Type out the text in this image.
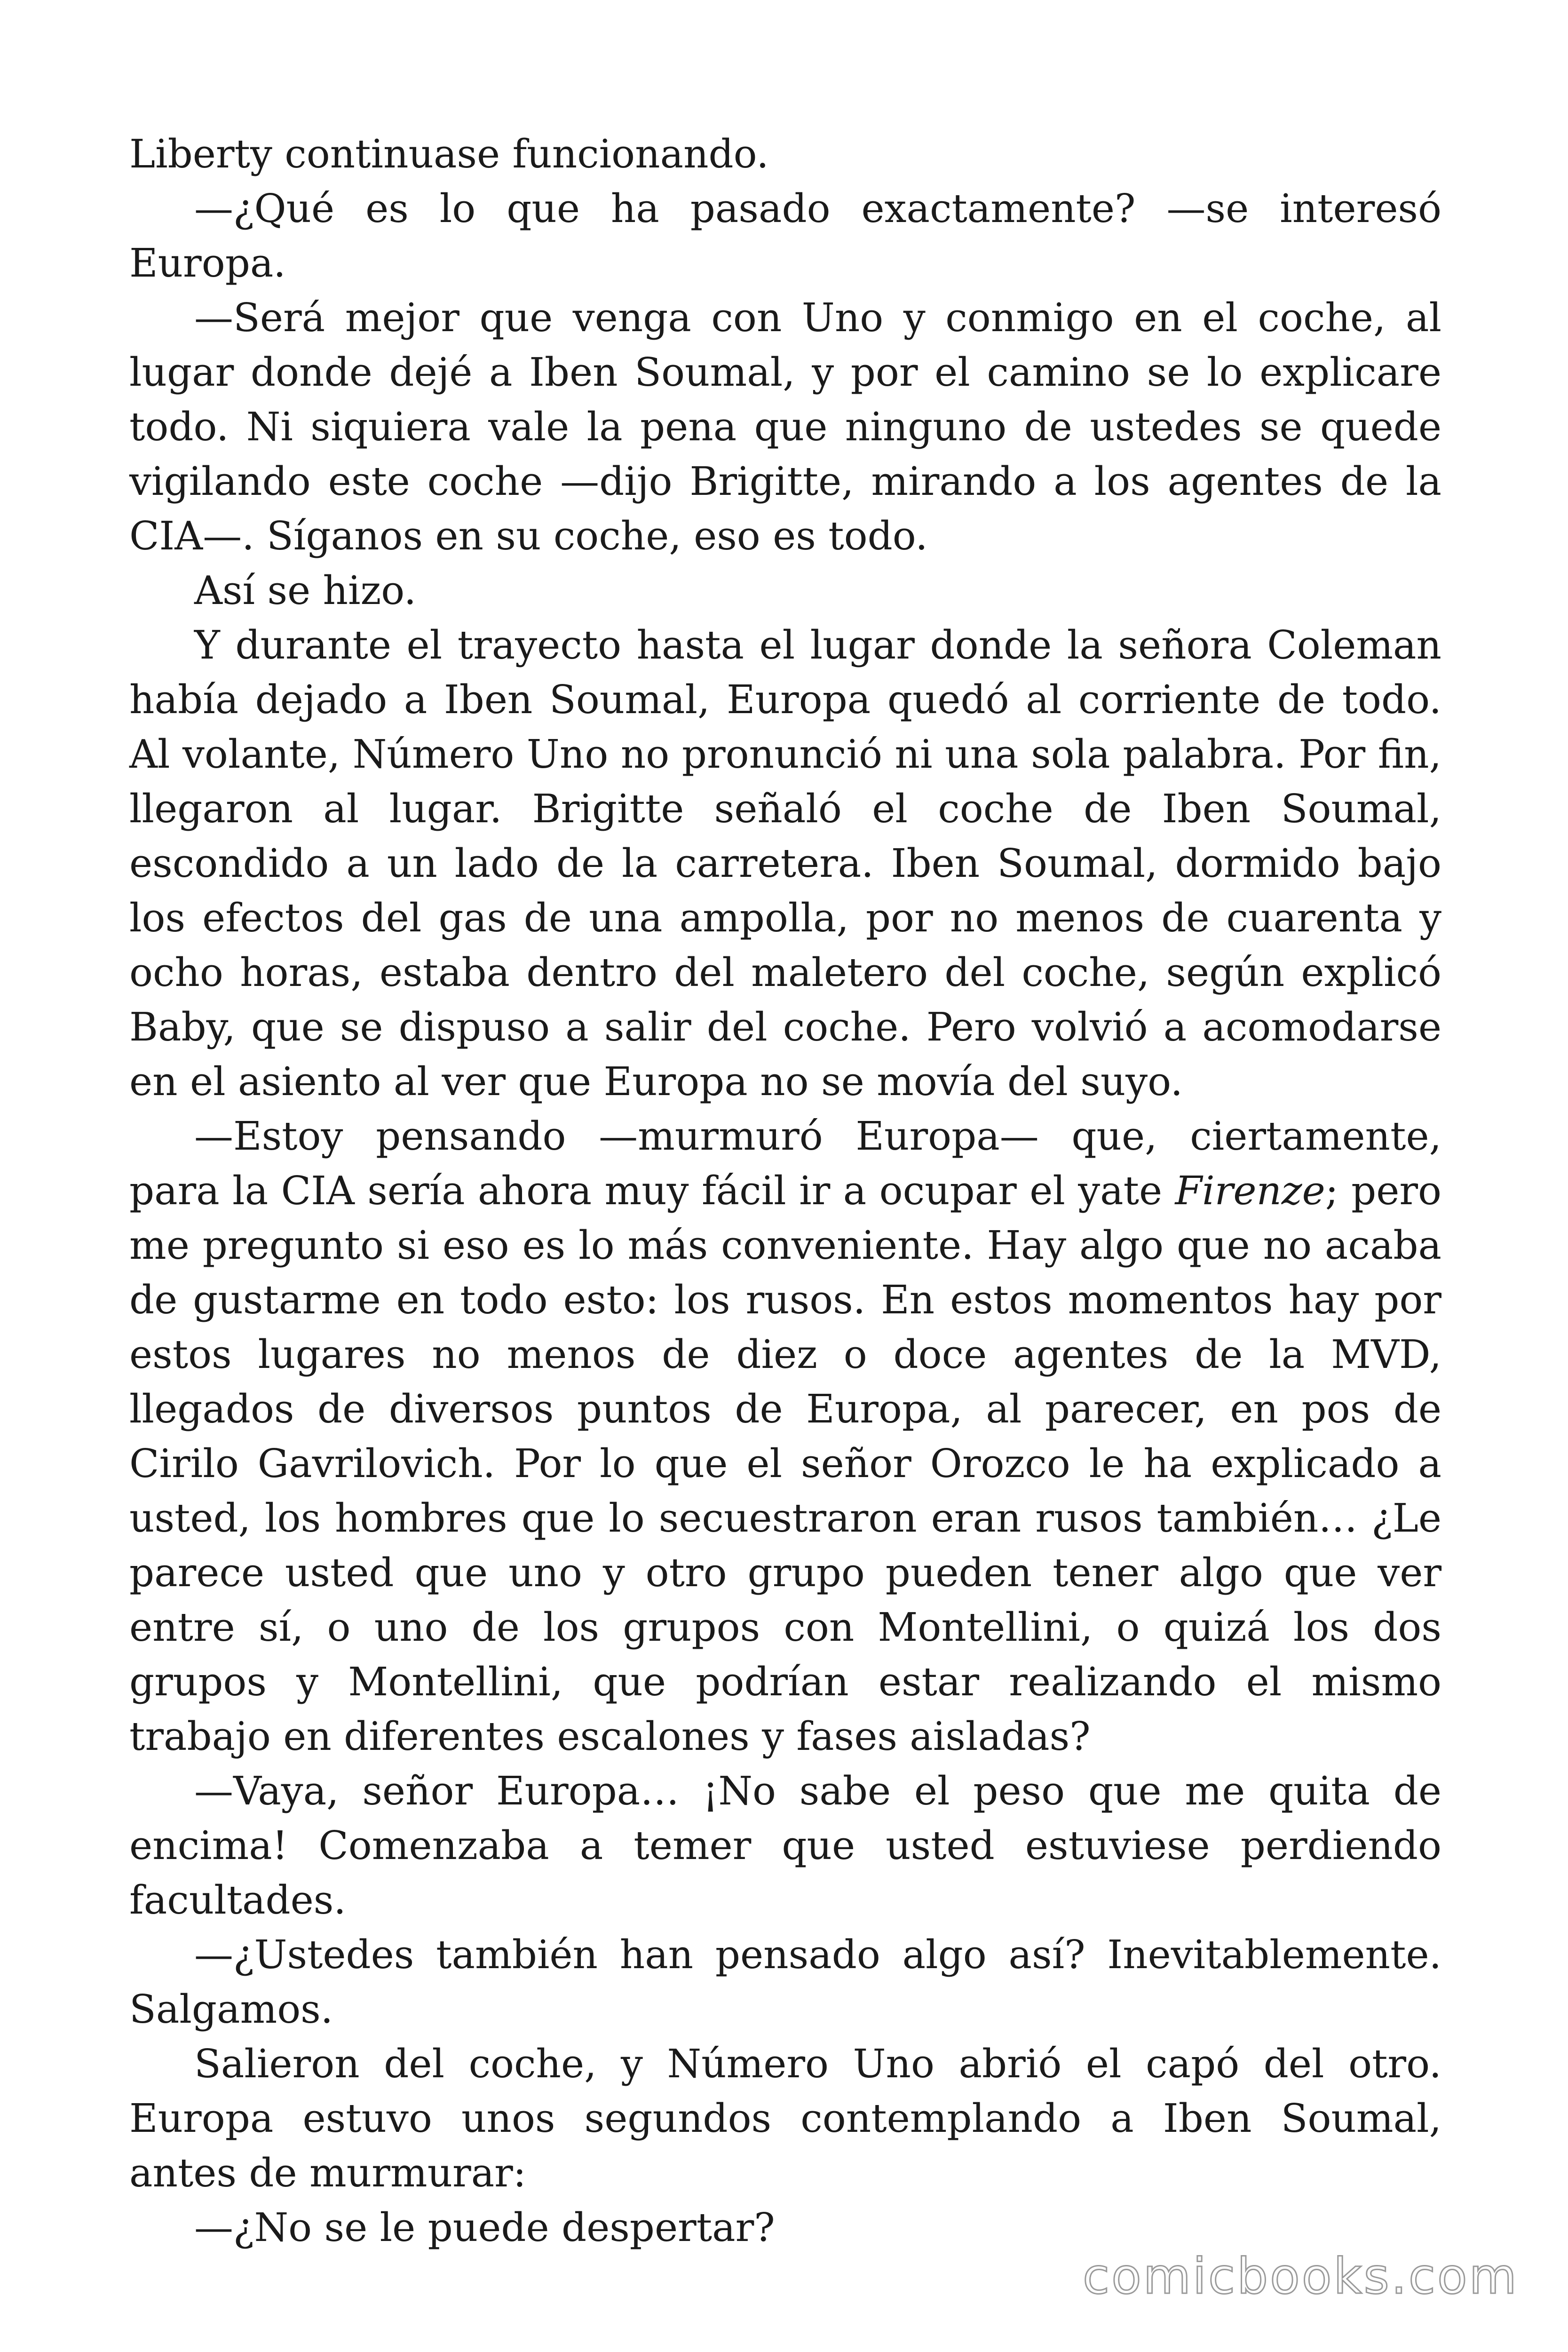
Liberty continuase funcionando.

—¿Qué es lo que ha pasado exactamente? —se interesó Europa.

—Será mejor que venga con Uno y conmigo en el coche, al lugar donde dejé a Iben Soumal, y por el camino se lo explicare todo. Ni siquiera vale la pena que ninguno de ustedes se quede vigilando este coche —dijo Brigitte, mirando a los agentes de la CIA—. Síganos en su coche, eso es todo.

Así se hizo.

Y durante el trayecto hasta el lugar donde la señora Coleman había dejado a Iben Soumal, Europa quedó al corriente de todo. Al volante, Número Uno no pronunció ni una sola palabra. Por fin, llegaron al lugar. Brigitte señaló el coche de Iben Soumal, escondido a un lado de la carretera. Iben Soumal, dormido bajo los efectos del gas de una ampolla, por no menos de cuarenta y ocho horas, estaba dentro del maletero del coche, según explicó Baby, que se dispuso a salir del coche. Pero volvió a acomodarse en el asiento al ver que Europa no se movía del suyo.

—Estoy pensando —murmuró Europa— que, ciertamente, para la CIA sería ahora muy fácil ir a ocupar el yate Firenze; pero me pregunto si eso es lo más conveniente. Hay algo que no acaba de gustarme en todo esto: los rusos. En estos momentos hay por estos lugares no menos de diez o doce agentes de la MVD, llegados de diversos puntos de Europa, al parecer, en pos de Cirilo Gavrilovich. Por lo que el señor Orozco le ha explicado a usted, los hombres que lo secuestraron eran rusos también… ¿Le parece usted que uno y otro grupo pueden tener algo que ver entre sí, o uno de los grupos con Montellini, o quizá los dos grupos y Montellini, que podrían estar realizando el mismo trabajo en diferentes escalones y fases aisladas?

—Vaya, señor Europa… ¡No sabe el peso que me quita de encima! Comenzaba a temer que usted estuviese perdiendo facultades.

—¿Ustedes también han pensado algo así? Inevitablemente. Salgamos.

Salieron del coche, y Número Uno abrió el capó del otro. Europa estuvo unos segundos contemplando a Iben Soumal, antes de murmurar:

—¿No se le puede despertar?

comicbooks.com
